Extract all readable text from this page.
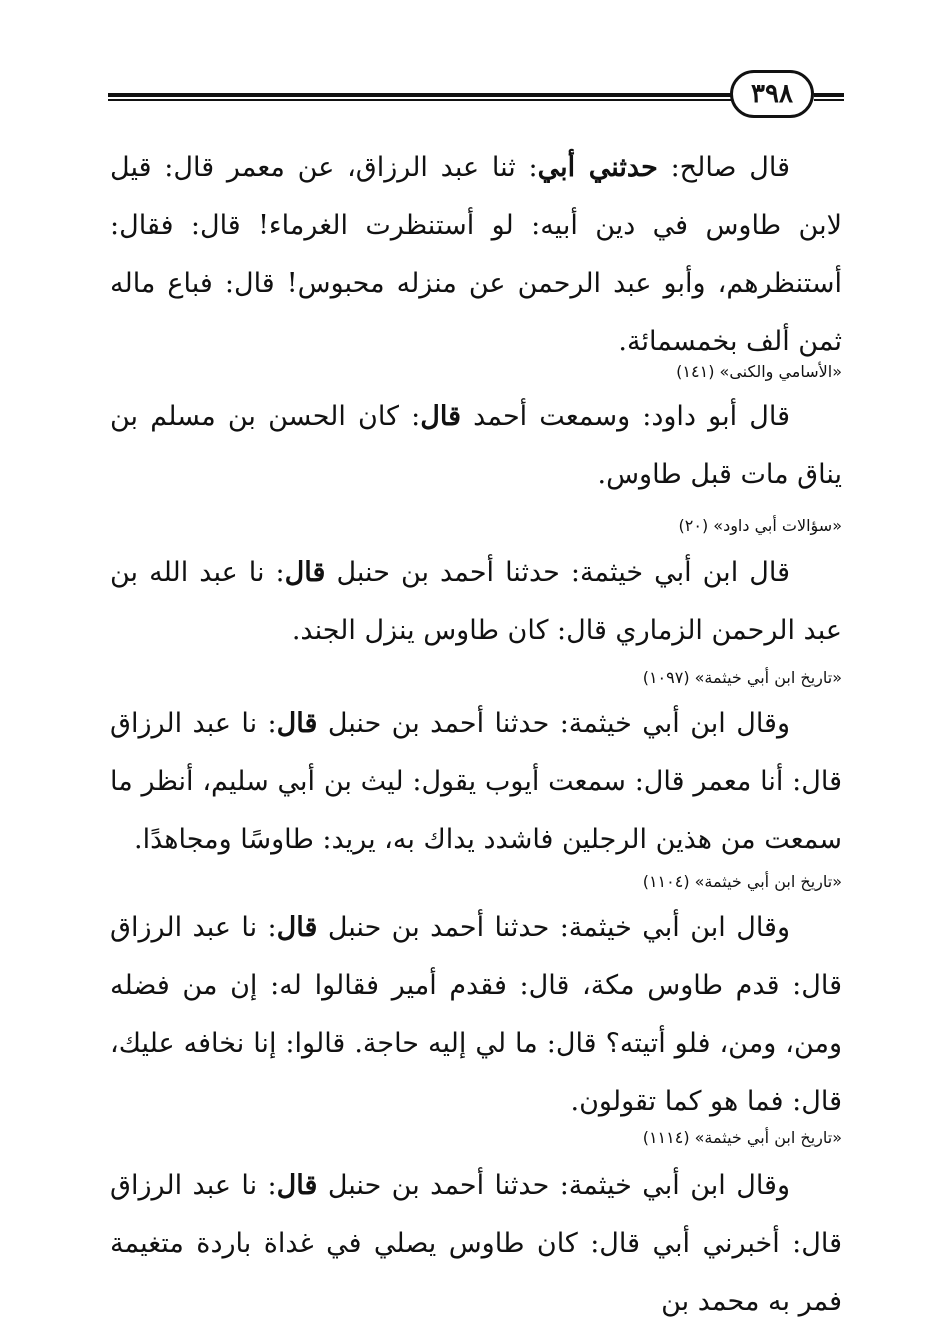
٣٩٨
قال صالح: حدثني أبي: ثنا عبد الرزاق، عن معمر قال: قيل لابن طاوس في دين أبيه: لو أستنظرت الغرماء! قال: فقال: أستنظرهم، وأبو عبد الرحمن عن منزله محبوس! قال: فباع ماله ثمن ألف بخمسمائة.
«الأسامي والكنى» (١٤١)
قال أبو داود: وسمعت أحمد قال: كان الحسن بن مسلم بن يناق مات قبل طاوس.
«سؤالات أبي داود» (٢٠)
قال ابن أبي خيثمة: حدثنا أحمد بن حنبل قال: نا عبد الله بن عبد الرحمن الزماري قال: كان طاوس ينزل الجند.
«تاريخ ابن أبي خيثمة» (١٠٩٧)
وقال ابن أبي خيثمة: حدثنا أحمد بن حنبل قال: نا عبد الرزاق قال: أنا معمر قال: سمعت أيوب يقول: ليث بن أبي سليم، أنظر ما سمعت من هذين الرجلين فاشدد يداك به، يريد: طاوسًا ومجاهدًا.
«تاريخ ابن أبي خيثمة» (١١٠٤)
وقال ابن أبي خيثمة: حدثنا أحمد بن حنبل قال: نا عبد الرزاق قال: قدم طاوس مكة، قال: فقدم أمير فقالوا له: إن من فضله ومن، ومن، فلو أتيته؟ قال: ما لي إليه حاجة. قالوا: إنا نخافه عليك، قال: فما هو كما تقولون.
«تاريخ ابن أبي خيثمة» (١١١٤)
وقال ابن أبي خيثمة: حدثنا أحمد بن حنبل قال: نا عبد الرزاق قال: أخبرني أبي قال: كان طاوس يصلي في غداة باردة متغيمة فمر به محمد بن
